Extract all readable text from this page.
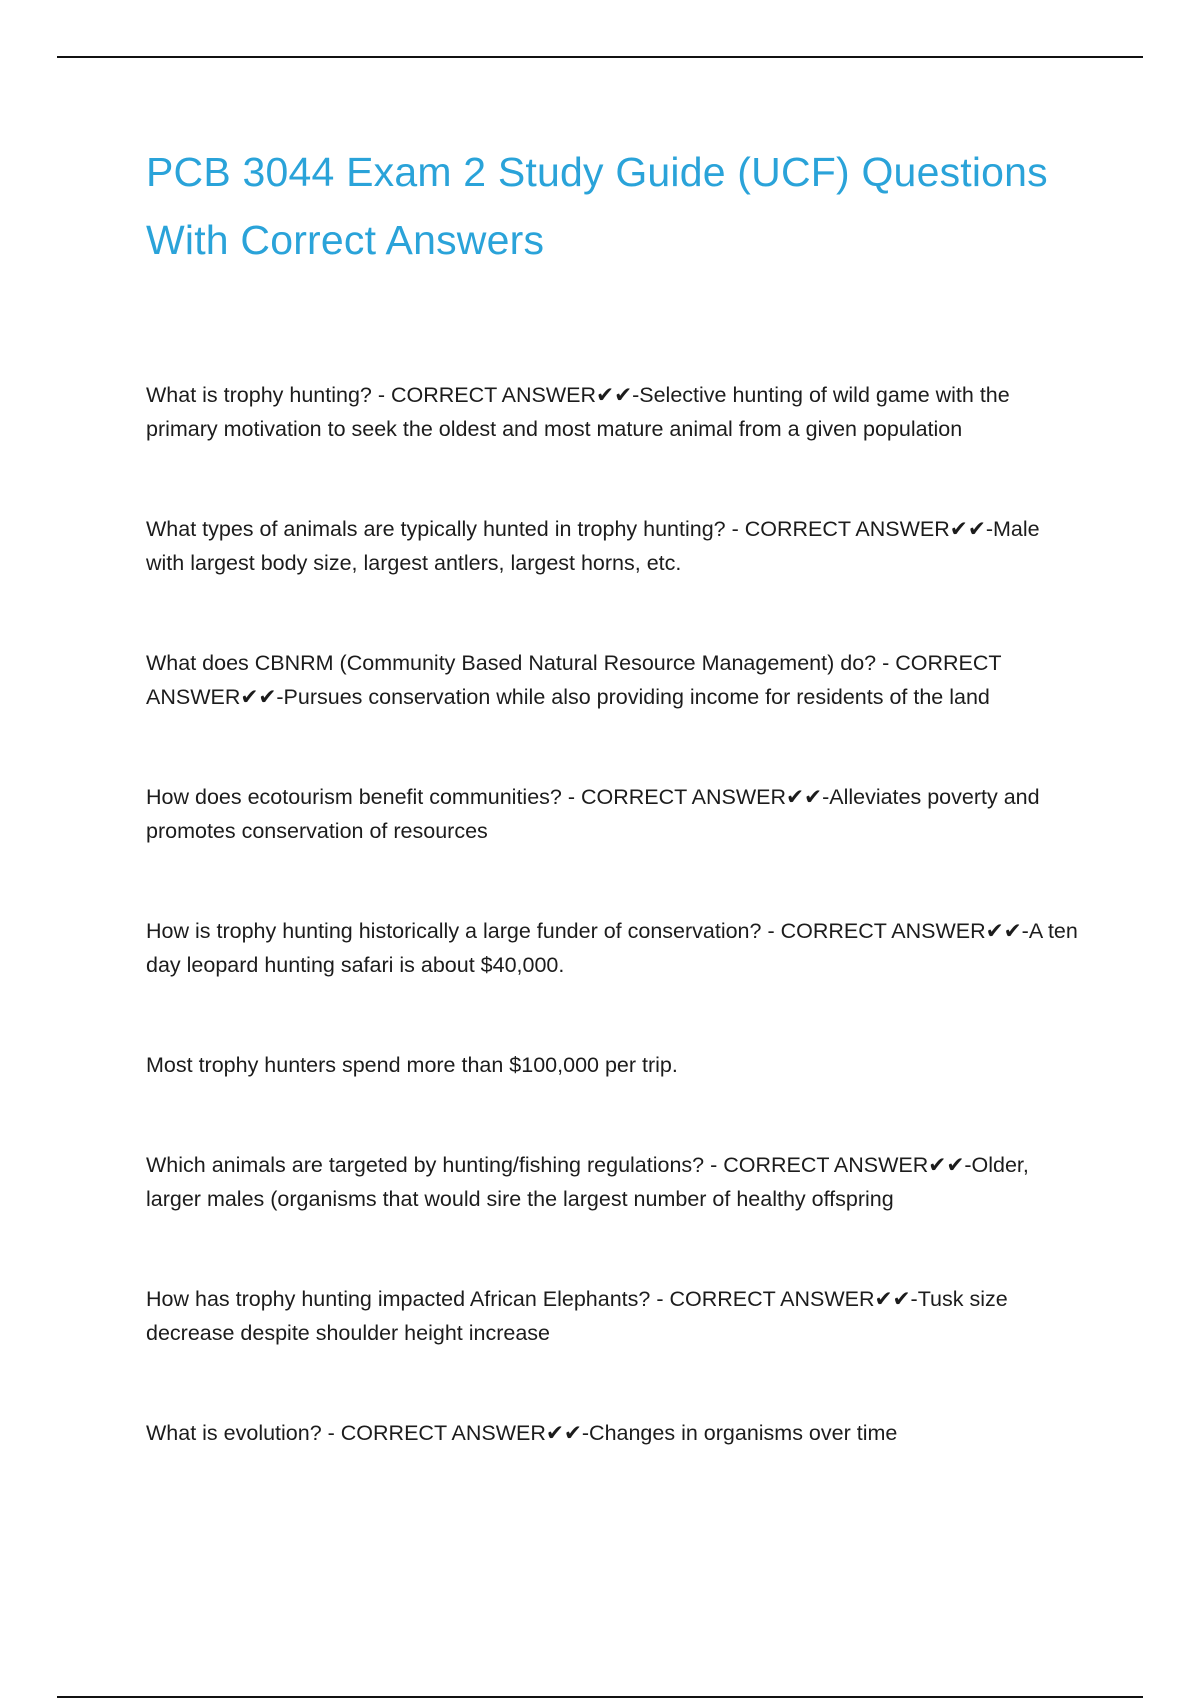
PCB 3044 Exam 2 Study Guide (UCF) Questions With Correct Answers

What is trophy hunting? - CORRECT ANSWER✔✔-Selective hunting of wild game with the primary motivation to seek the oldest and most mature animal from a given population

What types of animals are typically hunted in trophy hunting? - CORRECT ANSWER✔✔-Male with largest body size, largest antlers, largest horns, etc.

What does CBNRM (Community Based Natural Resource Management) do? - CORRECT ANSWER✔✔-Pursues conservation while also providing income for residents of the land

How does ecotourism benefit communities? - CORRECT ANSWER✔✔-Alleviates poverty and promotes conservation of resources

How is trophy hunting historically a large funder of conservation? - CORRECT ANSWER✔✔-A ten day leopard hunting safari is about $40,000.

Most trophy hunters spend more than $100,000 per trip.

Which animals are targeted by hunting/fishing regulations? - CORRECT ANSWER✔✔-Older, larger males (organisms that would sire the largest number of healthy offspring

How has trophy hunting impacted African Elephants? - CORRECT ANSWER✔✔-Tusk size decrease despite shoulder height increase

What is evolution? - CORRECT ANSWER✔✔-Changes in organisms over time
